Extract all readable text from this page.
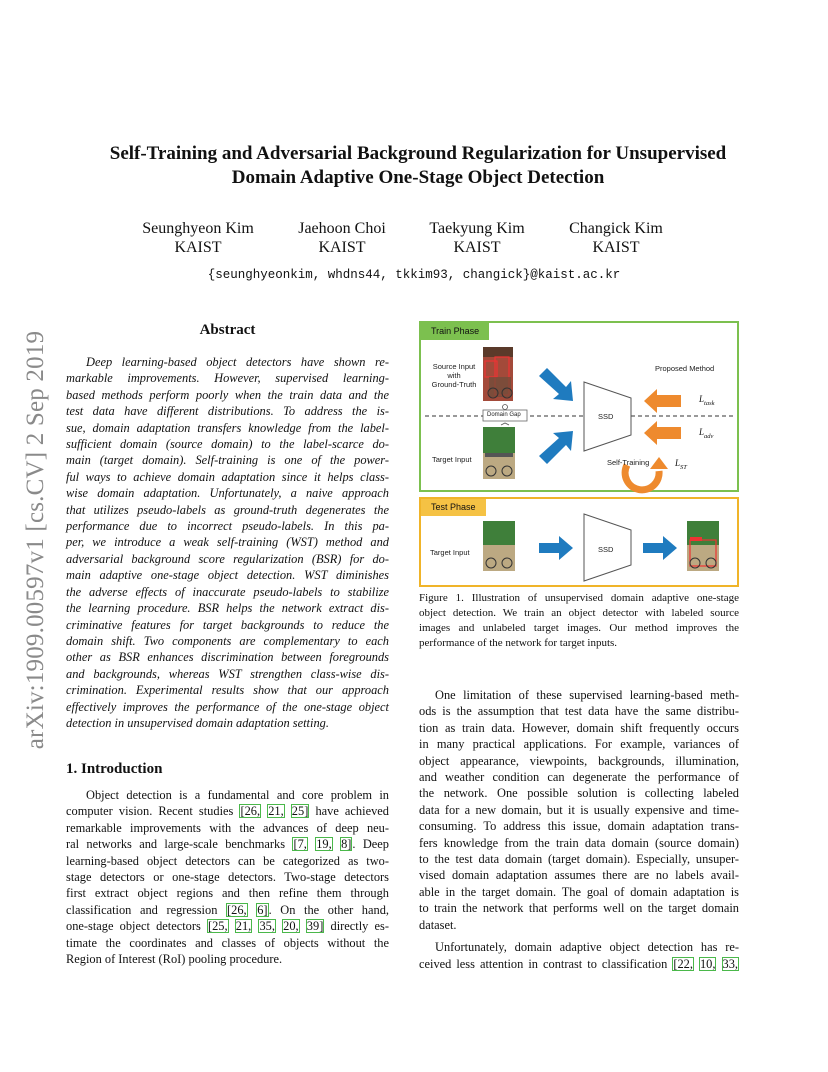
arXiv:1909.00597v1 [cs.CV] 2 Sep 2019
Self-Training and Adversarial Background Regularization for Unsupervised
Domain Adaptive One-Stage Object Detection
Seunghyeon Kim
KAIST
Jaehoon Choi
KAIST
Taekyung Kim
KAIST
Changick Kim
KAIST
{seunghyeonkim, whdns44, tkkim93, changick}@kaist.ac.kr
Abstract
Deep learning-based object detectors have shown re-
markable improvements. However, supervised learning-
based methods perform poorly when the train data and the
test data have different distributions. To address the is-
sue, domain adaptation transfers knowledge from the label-
sufficient domain (source domain) to the label-scarce do-
main (target domain). Self-training is one of the power-
ful ways to achieve domain adaptation since it helps class-
wise domain adaptation. Unfortunately, a naive approach
that utilizes pseudo-labels as ground-truth degenerates the
performance due to incorrect pseudo-labels. In this pa-
per, we introduce a weak self-training (WST) method and
adversarial background score regularization (BSR) for do-
main adaptive one-stage object detection. WST diminishes
the adverse effects of inaccurate pseudo-labels to stabilize
the learning procedure. BSR helps the network extract dis-
criminative features for target backgrounds to reduce the
domain shift. Two components are complementary to each
other as BSR enhances discrimination between foregrounds
and backgrounds, whereas WST strengthen class-wise dis-
crimination. Experimental results show that our approach
effectively improves the performance of the one-stage object
detection in unsupervised domain adaptation setting.
1. Introduction
Object detection is a fundamental and core problem in
computer vision. Recent studies [26, 21, 25] have achieved
remarkable improvements with the advances of deep neu-
ral networks and large-scale benchmarks [7, 19, 8]. Deep
learning-based object detectors can be categorized as two-
stage detectors or one-stage detectors. Two-stage detectors
first extract object regions and then refine them through
classification and regression [26, 6]. On the other hand,
one-stage object detectors [25, 21, 35, 20, 39] directly es-
timate the coordinates and classes of objects without the
Region of Interest (RoI) pooling procedure.
Train Phase
Test Phase
Source Input
with
Ground-Truth
Target Input
Domain Gap
Proposed Method
SSD
Self-Training
$L_{task}$
$L_{adv}$
$L_{ST}$
Target Input	SSD
Figure 1. Illustration of unsupervised domain adaptive one-stage
object detection. We train an object detector with labeled source
images and unlabeled target images. Our method improves the
performance of the network for target inputs.
One limitation of these supervised learning-based meth-
ods is the assumption that test data have the same distribu-
tion as train data. However, domain shift frequently occurs
in many practical applications. For example, variances of
object appearance, viewpoints, backgrounds, illumination,
and weather condition can degenerate the performance of
the network. One possible solution is collecting labeled
data for a new domain, but it is usually expensive and time-
consuming. To address this issue, domain adaptation trans-
fers knowledge from the train data domain (source domain)
to the test data domain (target domain). Especially, unsuper-
vised domain adaptation assumes there are no labels avail-
able in the target domain. The goal of domain adaptation is
to train the network that performs well on the target domain
dataset.
Unfortunately, domain adaptive object detection has re-
ceived less attention in contrast to classification [22, 10, 33,
